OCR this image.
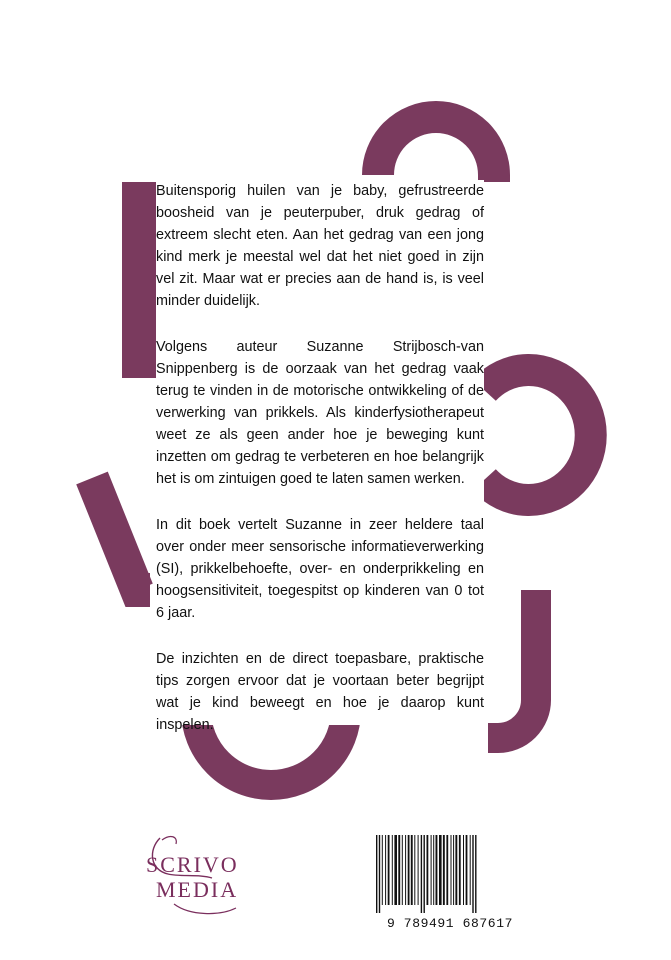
Buitensporig huilen van je baby, gefrustreerde boosheid van je peuterpuber, druk gedrag of extreem slecht eten. Aan het gedrag van een jong kind merk je meestal wel dat het niet goed in zijn vel zit. Maar wat er precies aan de hand is, is veel minder duidelijk.

Volgens auteur Suzanne Strijbosch-van Snippenberg is de oorzaak van het gedrag vaak terug te vinden in de motorische ontwikkeling of de verwerking van prikkels. Als kinderfysiotherapeut weet ze als geen ander hoe je beweging kunt inzetten om gedrag te verbeteren en hoe belangrijk het is om zintuigen goed te laten samen werken.

In dit boek vertelt Suzanne in zeer heldere taal over onder meer sensorische informatieverwerking (SI), prikkelbehoefte, over- en onderprikkeling en hoogsensitiviteit, toegespitst op kinderen van 0 tot 6 jaar.

De inzichten en de direct toepasbare, praktische tips zorgen ervoor dat je voortaan beter begrijpt wat je kind beweegt en hoe je daarop kunt inspelen.

SCRIVO
MEDIA
9 789491 687617
